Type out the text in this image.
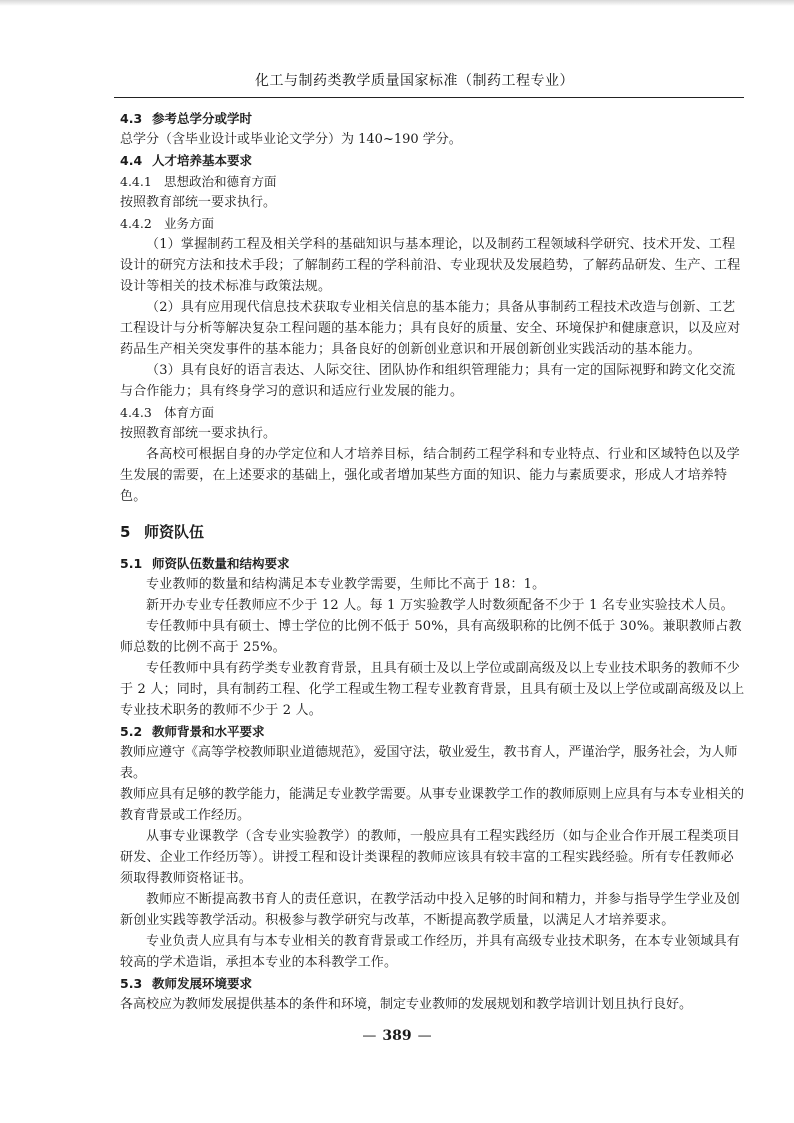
化工与制药类教学质量国家标准（制药工程专业）
4.3 参考总学分或学时

总学分（含毕业设计或毕业论文学分）为 140~190 学分。

4.4 人才培养基本要求
4.4.1 思想政治和德育方面

按照教育部统一要求执行。

4.4.2 业务方面

（1）掌握制药工程及相关学科的基础知识与基本理论，以及制药工程领域科学研究、技术开发、工程设计的研究方法和技术手段；了解制药工程的学科前沿、专业现状及发展趋势，了解药品研发、生产、工程设计等相关的技术标准与政策法规。

（2）具有应用现代信息技术获取专业相关信息的基本能力；具备从事制药工程技术改造与创新、工艺工程设计与分析等解决复杂工程问题的基本能力；具有良好的质量、安全、环境保护和健康意识，以及应对药品生产相关突发事件的基本能力；具备良好的创新创业意识和开展创新创业实践活动的基本能力。

（3）具有良好的语言表达、人际交往、团队协作和组织管理能力；具有一定的国际视野和跨文化交流与合作能力；具有终身学习的意识和适应行业发展的能力。

4.4.3 体育方面

按照教育部统一要求执行。

各高校可根据自身的办学定位和人才培养目标，结合制药工程学科和专业特点、行业和区域特色以及学生发展的需要，在上述要求的基础上，强化或者增加某些方面的知识、能力与素质要求，形成人才培养特色。

5 师资队伍
5.1 师资队伍数量和结构要求

专业教师的数量和结构满足本专业教学需要，生师比不高于 18：1。

新开办专业专任教师应不少于 12 人。每 1 万实验教学人时数须配备不少于 1 名专业实验技术人员。

专任教师中具有硕士、博士学位的比例不低于 50%，具有高级职称的比例不低于 30%。兼职教师占教师总数的比例不高于 25%。

专任教师中具有药学类专业教育背景，且具有硕士及以上学位或副高级及以上专业技术职务的教师不少于 2 人；同时，具有制药工程、化学工程或生物工程专业教育背景，且具有硕士及以上学位或副高级及以上专业技术职务的教师不少于 2 人。

5.2 教师背景和水平要求

教师应遵守《高等学校教师职业道德规范》，爱国守法，敬业爱生，教书育人，严谨治学，服务社会，为人师表。

教师应具有足够的教学能力，能满足专业教学需要。从事专业课教学工作的教师原则上应具有与本专业相关的教育背景或工作经历。

从事专业课教学（含专业实验教学）的教师，一般应具有工程实践经历（如与企业合作开展工程类项目研发、企业工作经历等）。讲授工程和设计类课程的教师应该具有较丰富的工程实践经验。所有专任教师必须取得教师资格证书。

教师应不断提高教书育人的责任意识，在教学活动中投入足够的时间和精力，并参与指导学生学业及创新创业实践等教学活动。积极参与教学研究与改革，不断提高教学质量，以满足人才培养要求。

专业负责人应具有与本专业相关的教育背景或工作经历，并具有高级专业技术职务，在本专业领域具有较高的学术造诣，承担本专业的本科教学工作。

5.3 教师发展环境要求

各高校应为教师发展提供基本的条件和环境，制定专业教师的发展规划和教学培训计划且执行良好。

— 389 —
